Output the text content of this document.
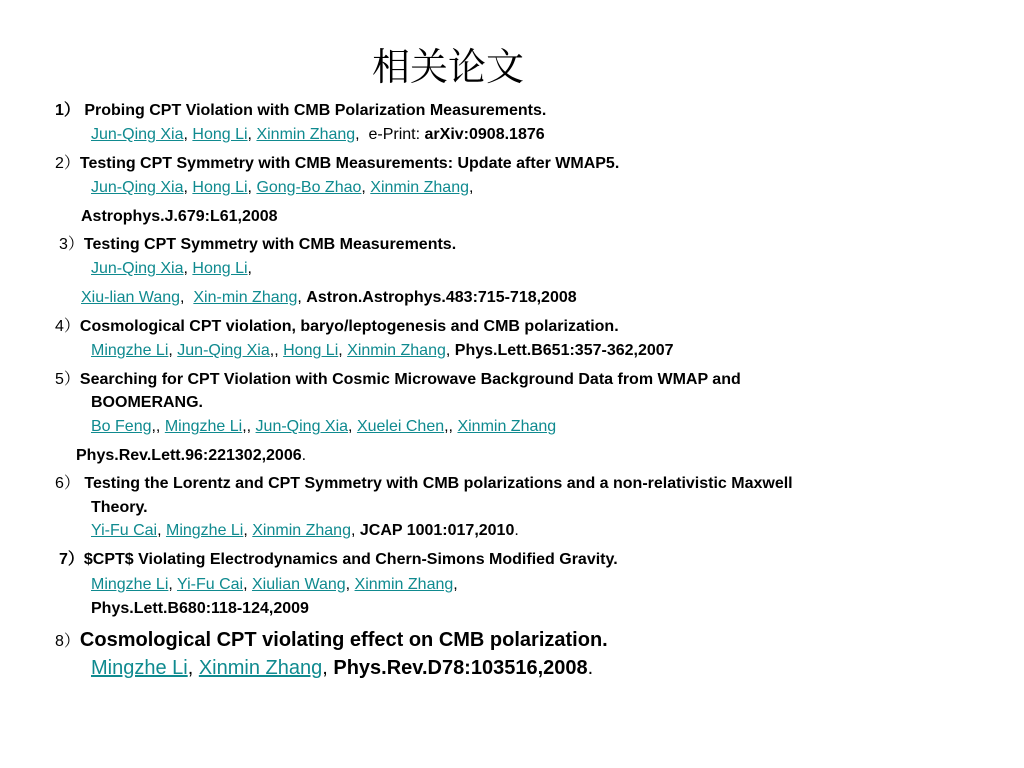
相关论文
1） Probing CPT Violation with CMB Polarization Measurements.
Jun-Qing Xia, Hong Li, Xinmin Zhang,  e-Print: arXiv:0908.1876
2）Testing CPT Symmetry with CMB Measurements: Update after WMAP5.
Jun-Qing Xia, Hong Li, Gong-Bo Zhao, Xinmin Zhang,
Astrophys.J.679:L61,2008
3）Testing CPT Symmetry with CMB Measurements.
Jun-Qing Xia, Hong Li,
Xiu-lian Wang,  Xin-min Zhang, Astron.Astrophys.483:715-718,2008
4）Cosmological CPT violation, baryo/leptogenesis and CMB polarization.
Mingzhe Li, Jun-Qing Xia,, Hong Li, Xinmin Zhang, Phys.Lett.B651:357-362,2007
5）Searching for CPT Violation with Cosmic Microwave Background Data from WMAP and
BOOMERANG.
Bo Feng,, Mingzhe Li,, Jun-Qing Xia, Xuelei Chen,, Xinmin Zhang
Phys.Rev.Lett.96:221302,2006.
6） Testing the Lorentz and CPT Symmetry with CMB polarizations and a non-relativistic Maxwell
Theory.
Yi-Fu Cai, Mingzhe Li, Xinmin Zhang, JCAP 1001:017,2010.
7）$CPT$ Violating Electrodynamics and Chern-Simons Modified Gravity.
Mingzhe Li, Yi-Fu Cai, Xiulian Wang, Xinmin Zhang,
Phys.Lett.B680:118-124,2009
8）Cosmological CPT violating effect on CMB polarization.
Mingzhe Li, Xinmin Zhang, Phys.Rev.D78:103516,2008.
